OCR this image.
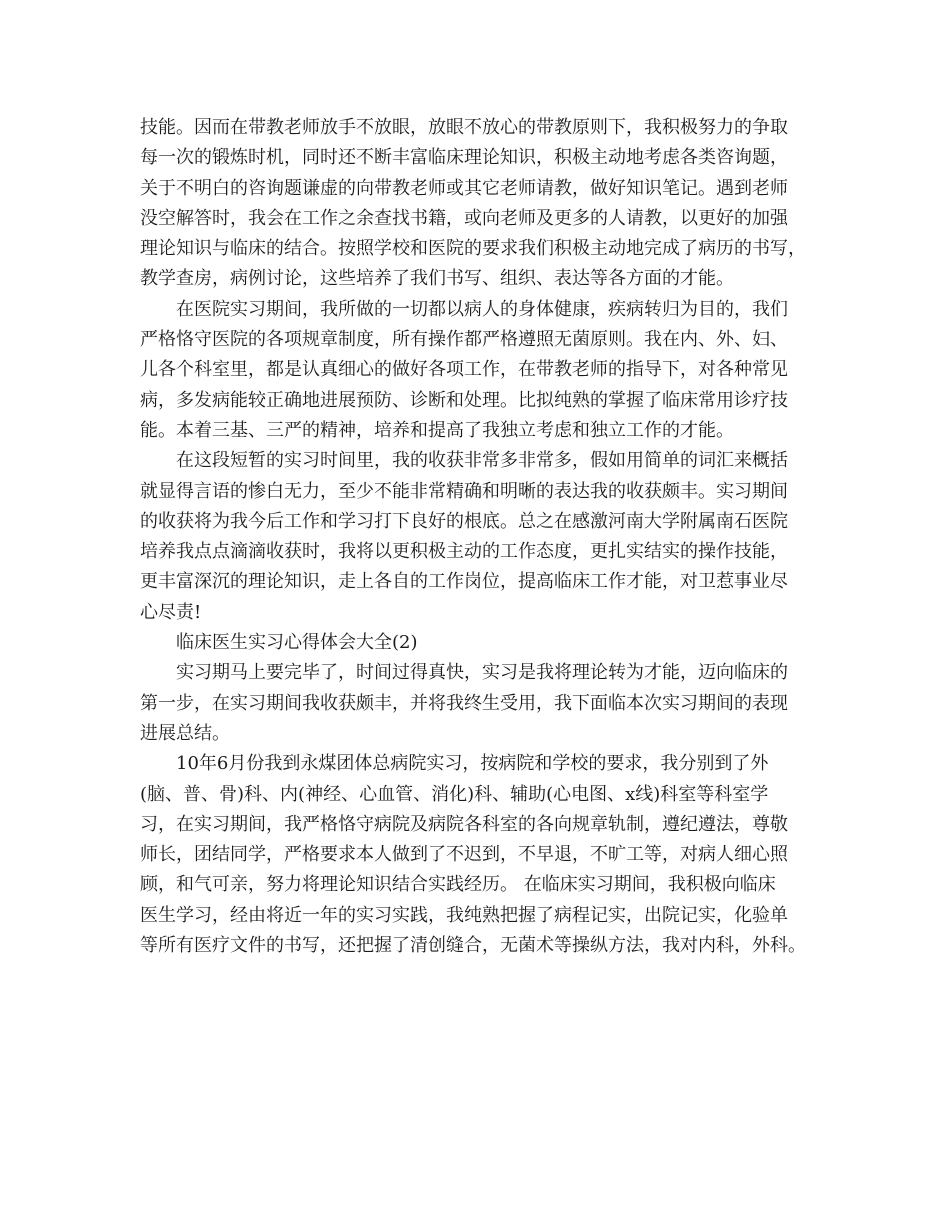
技能。因而在带教老师放手不放眼，放眼不放心的带教原则下，我积极努力的争取
每一次的锻炼时机，同时还不断丰富临床理论知识，积极主动地考虑各类咨询题，
关于不明白的咨询题谦虚的向带教老师或其它老师请教，做好知识笔记。遇到老师
没空解答时，我会在工作之余查找书籍，或向老师及更多的人请教，以更好的加强
理论知识与临床的结合。按照学校和医院的要求我们积极主动地完成了病历的书写，
教学查房，病例讨论，这些培养了我们书写、组织、表达等各方面的才能。
在医院实习期间，我所做的一切都以病人的身体健康，疾病转归为目的，我们
严格恪守医院的各项规章制度，所有操作都严格遵照无菌原则。我在内、外、妇、
儿各个科室里，都是认真细心的做好各项工作，在带教老师的指导下，对各种常见
病，多发病能较正确地进展预防、诊断和处理。比拟纯熟的掌握了临床常用诊疗技
能。本着三基、三严的精神，培养和提高了我独立考虑和独立工作的才能。
在这段短暂的实习时间里，我的收获非常多非常多，假如用简单的词汇来概括
就显得言语的惨白无力，至少不能非常精确和明晰的表达我的收获颇丰。实习期间
的收获将为我今后工作和学习打下良好的根底。总之在感激河南大学附属南石医院
培养我点点滴滴收获时，我将以更积极主动的工作态度，更扎实结实的操作技能，
更丰富深沉的理论知识，走上各自的工作岗位，提高临床工作才能，对卫惹事业尽
心尽责!
临床医生实习心得体会大全(2)
实习期马上要完毕了，时间过得真快，实习是我将理论转为才能，迈向临床的
第一步，在实习期间我收获颇丰，并将我终生受用，我下面临本次实习期间的表现
进展总结。
10年6月份我到永煤团体总病院实习，按病院和学校的要求，我分别到了外
(脑、普、骨)科、内(神经、心血管、消化)科、辅助(心电图、x线)科室等科室学
习，在实习期间，我严格恪守病院及病院各科室的各向规章轨制，遵纪遵法，尊敬
师长，团结同学，严格要求本人做到了不迟到，不早退，不旷工等，对病人细心照
顾，和气可亲，努力将理论知识结合实践经历。 在临床实习期间，我积极向临床
医生学习，经由将近一年的实习实践，我纯熟把握了病程记实，出院记实，化验单
等所有医疗文件的书写，还把握了清创缝合，无菌术等操纵方法，我对内科，外科。
